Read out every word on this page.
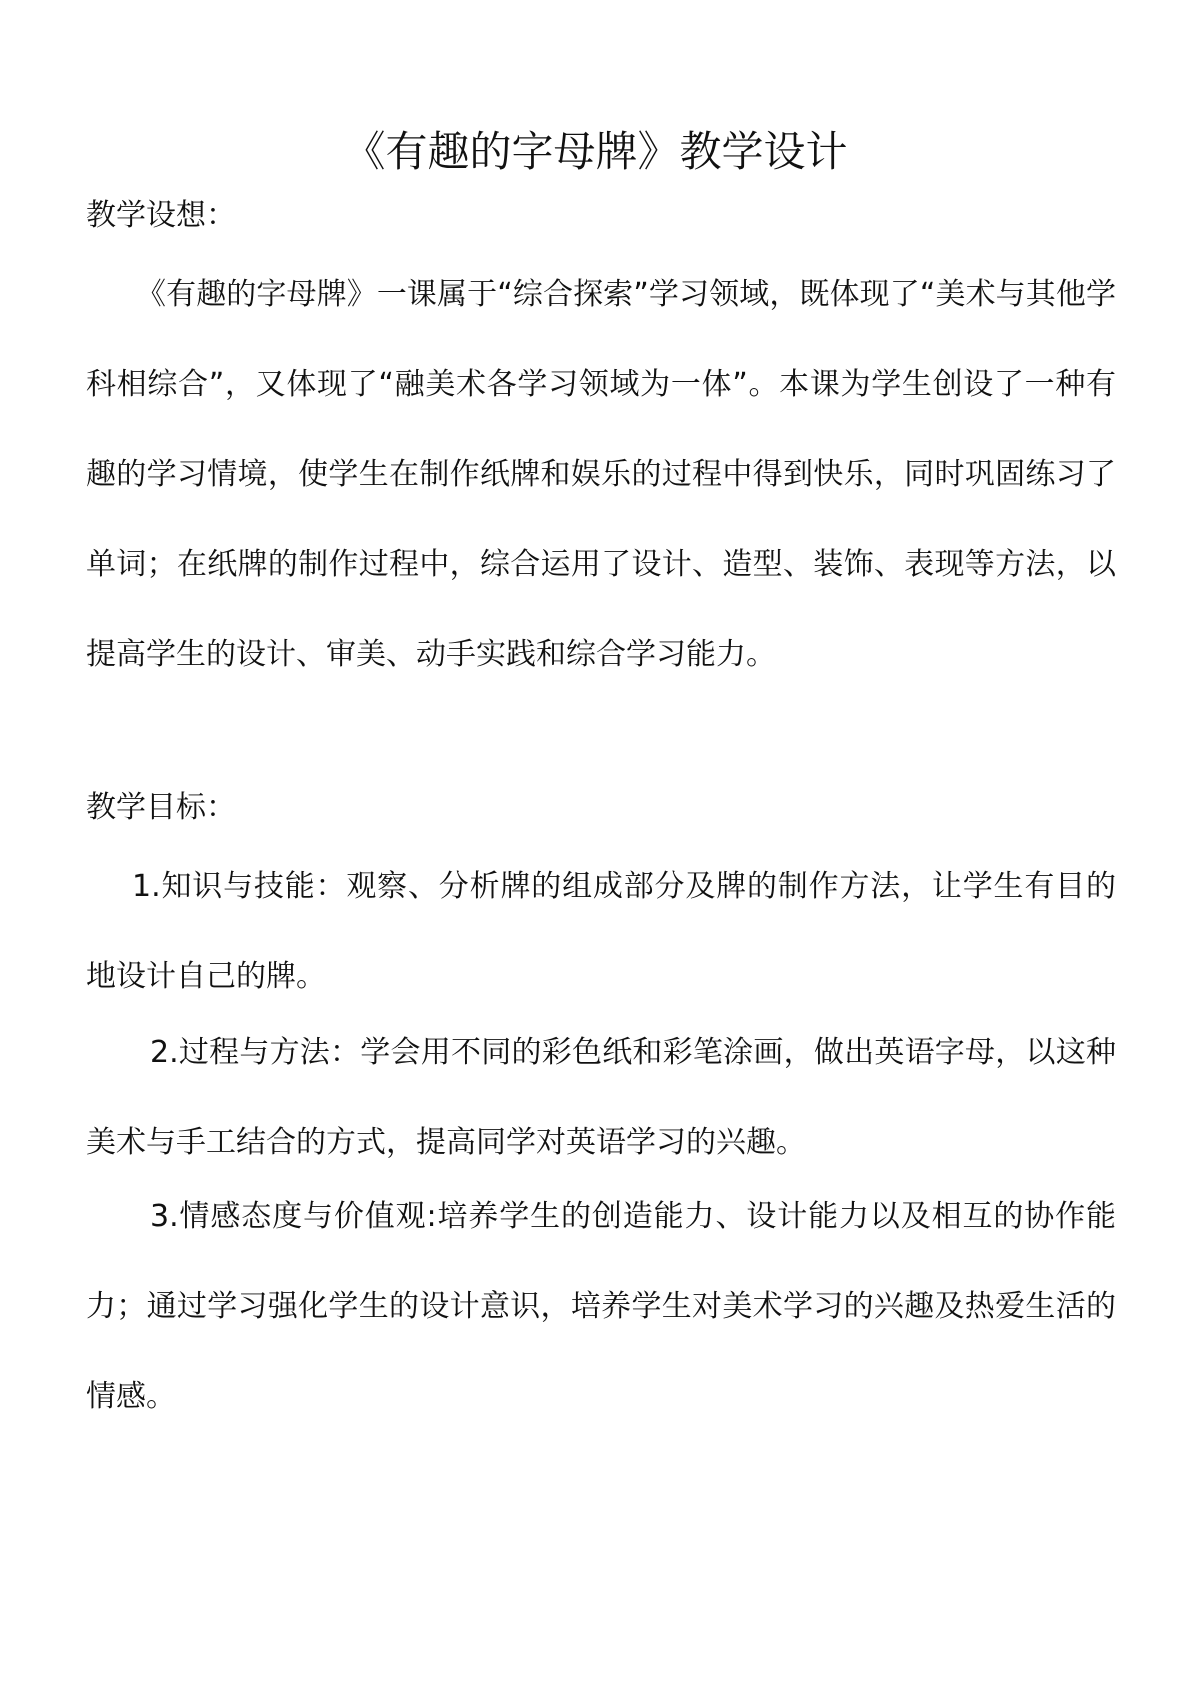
《有趣的字母牌》教学设计
教学设想：

《有趣的字母牌》一课属于“综合探索”学习领域，既体现了“美术与其他学科相综合”，又体现了“融美术各学习领域为一体”。本课为学生创设了一种有趣的学习情境，使学生在制作纸牌和娱乐的过程中得到快乐，同时巩固练习了单词；在纸牌的制作过程中，综合运用了设计、造型、装饰、表现等方法，以提高学生的设计、审美、动手实践和综合学习能力。

教学目标：

1.知识与技能：观察、分析牌的组成部分及牌的制作方法，让学生有目的地设计自己的牌。

2.过程与方法：学会用不同的彩色纸和彩笔涂画，做出英语字母，以这种美术与手工结合的方式，提高同学对英语学习的兴趣。

3.情感态度与价值观:培养学生的创造能力、设计能力以及相互的协作能力；通过学习强化学生的设计意识，培养学生对美术学习的兴趣及热爱生活的情感。
